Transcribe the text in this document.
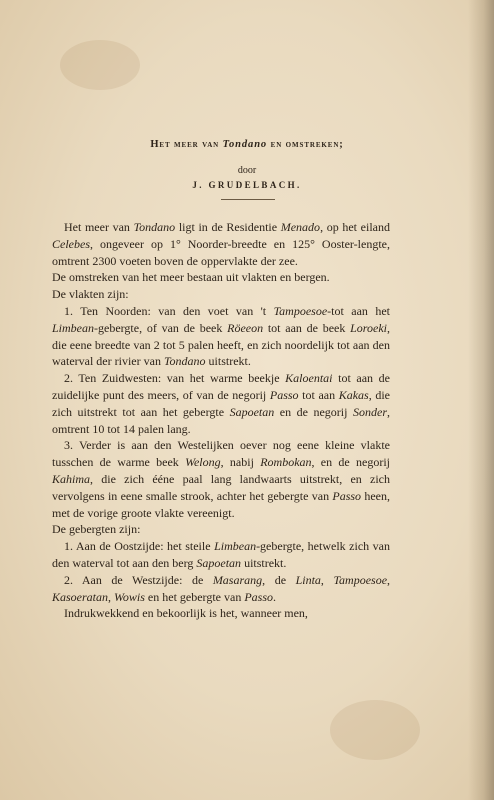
Het meer van Tondano en omstreken;
door
J. GRUDELBACH.

Het meer van Tondano ligt in de Residentie Menado, op het eiland Celebes, ongeveer op 1° Noorder-breedte en 125° Ooster-lengte, omtrent 2300 voeten boven de oppervlakte der zee.

De omstreken van het meer bestaan uit vlakten en bergen.

De vlakten zijn:

1. Ten Noorden: van den voet van 't Tampoesoe-tot aan het Limbean-gebergte, of van de beek Röeeon tot aan de beek Loroeki, die eene breedte van 2 tot 5 palen heeft, en zich noordelijk tot aan den waterval der rivier van Tondano uitstrekt.

2. Ten Zuidwesten: van het warme beekje Kaloentai tot aan de zuidelijke punt des meers, of van de negorij Passo tot aan Kakas, die zich uitstrekt tot aan het gebergte Sapoetan en de negorij Sonder, omtrent 10 tot 14 palen lang.

3. Verder is aan den Westelijken oever nog eene kleine vlakte tusschen de warme beek Welong, nabij Rombokan, en de negorij Kahima, die zich ééne paal lang landwaarts uitstrekt, en zich vervolgens in eene smalle strook, achter het gebergte van Passo heen, met de vorige groote vlakte vereenigt.

De gebergten zijn:

1. Aan de Oostzijde: het steile Limbean-gebergte, hetwelk zich van den waterval tot aan den berg Sapoetan uitstrekt.

2. Aan de Westzijde: de Masarang, de Linta, Tampoesoe, Kasoeratan, Wowis en het gebergte van Passo.

Indrukwekkend en bekoorlijk is het, wanneer men,
